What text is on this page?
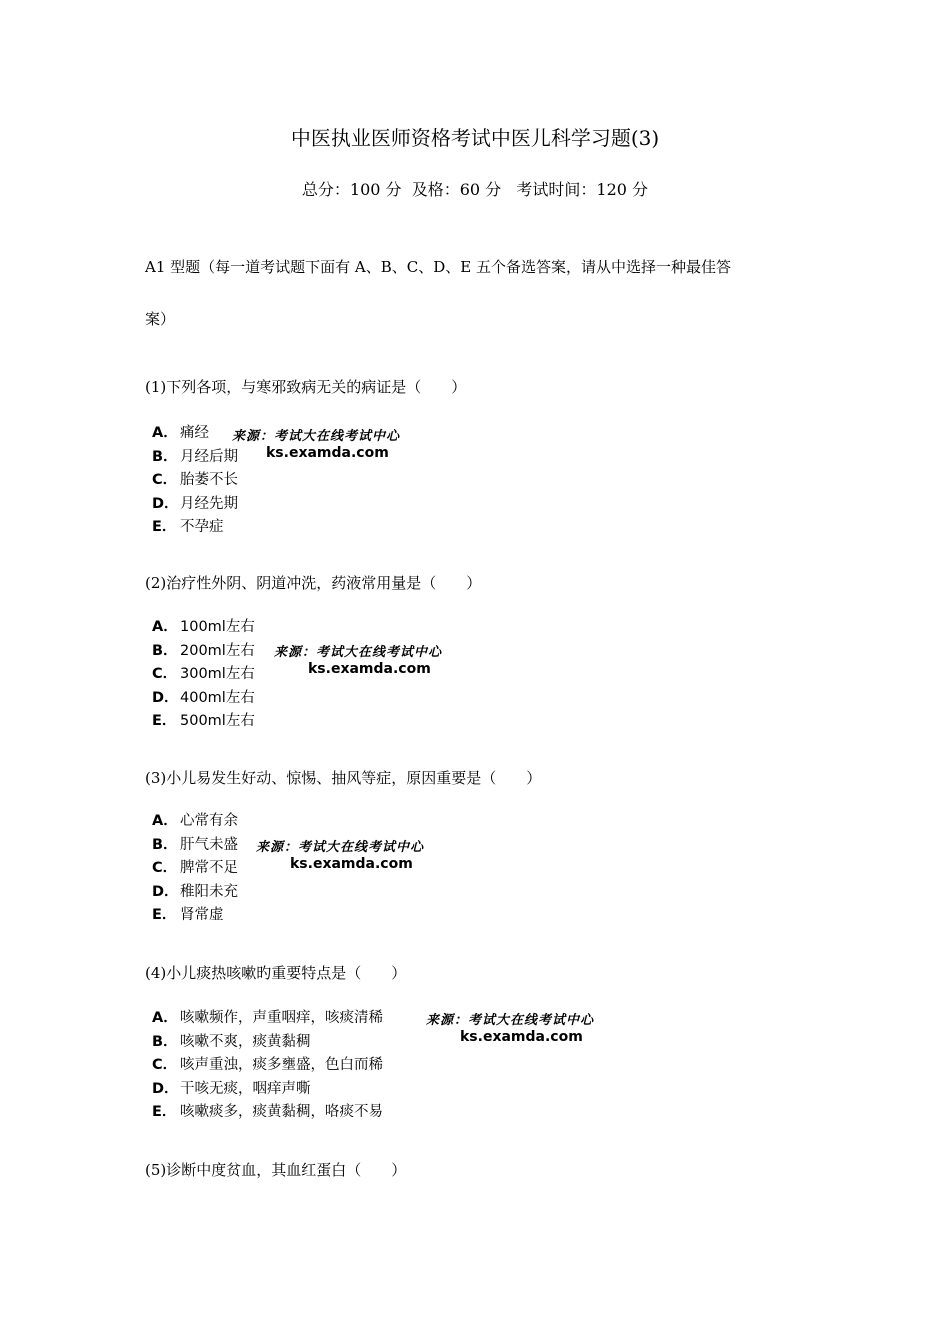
中医执业医师资格考试中医儿科学习题(3)
总分：100 分  及格：60 分   考试时间：120 分
A1 型题（每一道考试题下面有 A、B、C、D、E 五个备选答案，请从中选择一种最佳答
案）
(1)下列各项，与寒邪致病无关的病证是（　　）
A． 痛经
B． 月经后期
C． 胎萎不长
D．月经先期
E． 不孕症
来源：考试大在线考试中心
ks.examda.com
(2)治疗性外阴、阴道冲洗，药液常用量是（　　）
A． 100ml左右
B． 200ml左右
C． 300ml左右
D．400ml左右
E． 500ml左右
来源：考试大在线考试中心
ks.examda.com
(3)小儿易发生好动、惊惕、抽风等症，原因重要是（　　）
A． 心常有余
B． 肝气未盛
C． 脾常不足
D．稚阳未充
E． 肾常虚
来源：考试大在线考试中心
ks.examda.com
(4)小儿痰热咳嗽旳重要特点是（　　）
A． 咳嗽频作，声重咽痒，咳痰清稀
B． 咳嗽不爽，痰黄黏稠
C． 咳声重浊，痰多壅盛，色白而稀
D．干咳无痰，咽痒声嘶
E． 咳嗽痰多，痰黄黏稠，咯痰不易
来源：考试大在线考试中心
ks.examda.com
(5)诊断中度贫血，其血红蛋白（　　）
